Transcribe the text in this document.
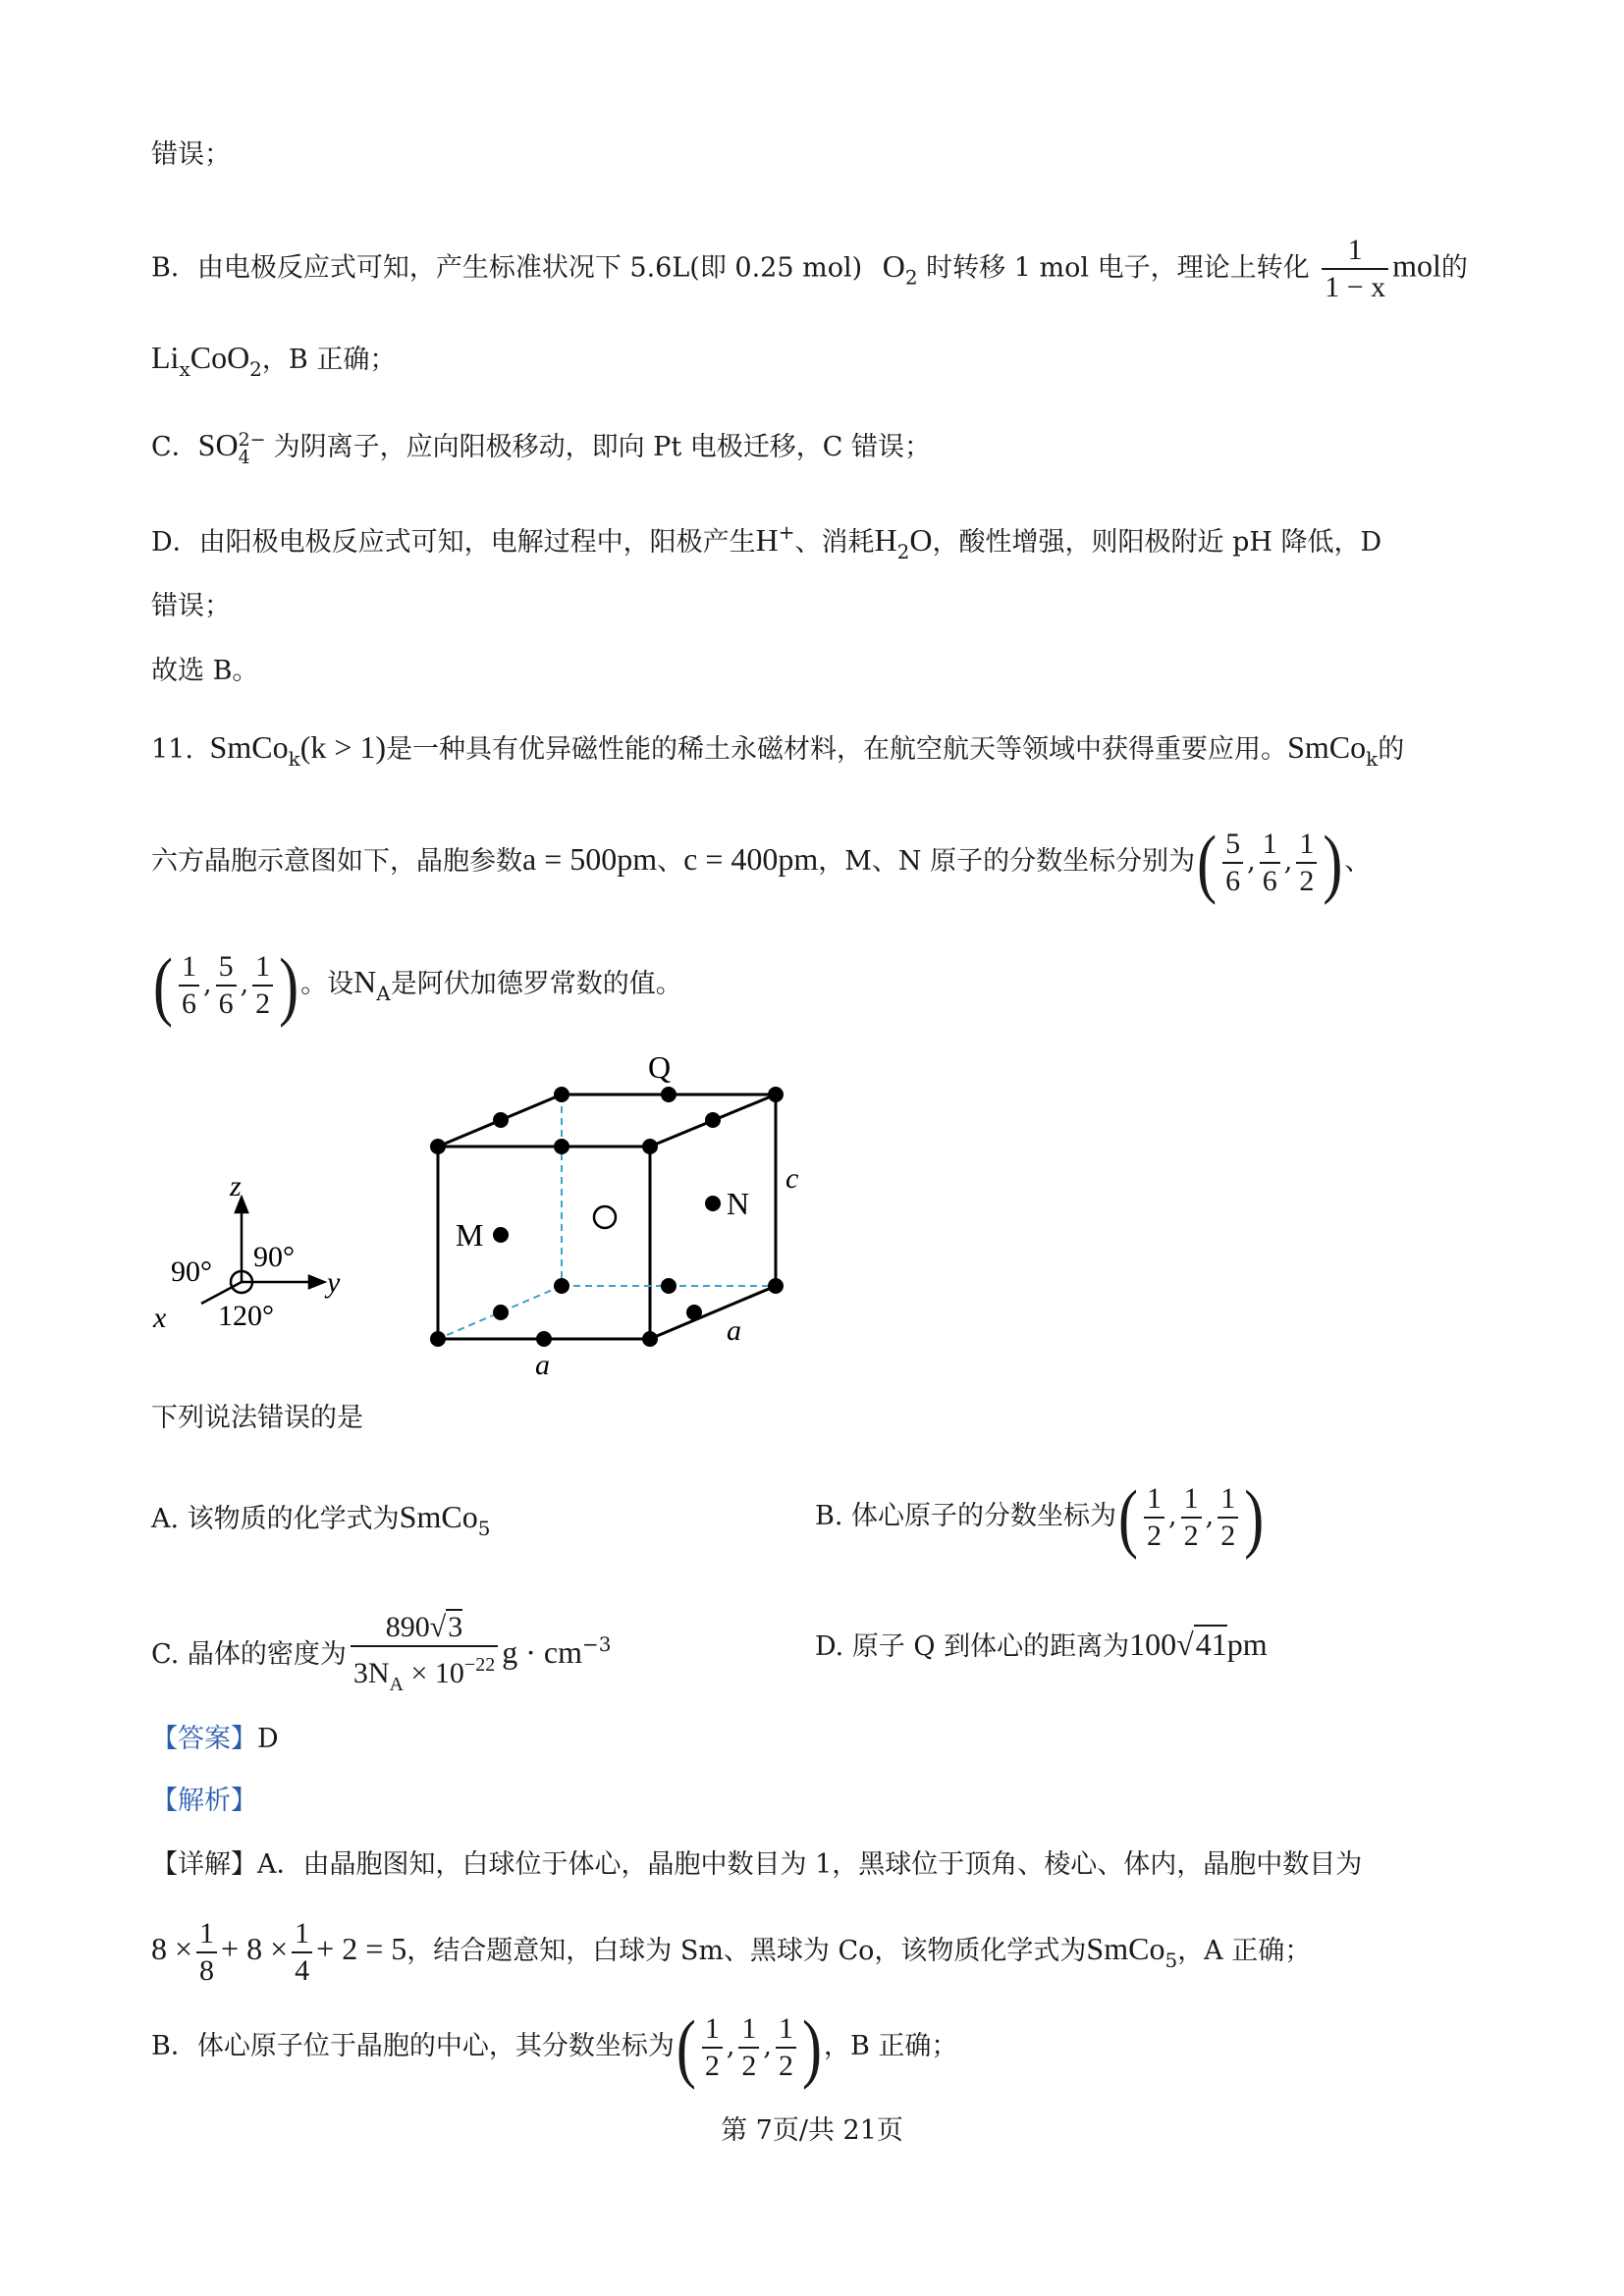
错误；
B．由电极反应式可知，产生标准状况下 5.6L(即 0.25 mol) $O_2$ 时转移 1 mol 电子，理论上转化 $\frac{1}{1 - x}$ mol的
$Li_xCoO_2$，B 正确；
C．SO 2−
4 为阴离子，应向阳极移动，即向 Pt 电极迁移，C 错误；
D．由阳极电极反应式可知，电解过程中，阳极产生H+、消耗$H_2O$，酸性增强，则阳极附近 pH 降低，D
错误；
故选 B。
11. SmCo$_k$(k > 1)是一种具有优异磁性能的稀土永磁材料，在航空航天等领域中获得重要应用。SmCo$_k$的
六方晶胞示意图如下，晶胞参数a = 500pm、c = 400pm，M、N 原子的分数坐标分别为( $\frac{5}{6}$ , $\frac{1}{6}$ , $\frac{1}{2}$ )、
( $\frac{1}{6}$ , $\frac{5}{6}$ , $\frac{1}{2}$ )。设$N_A$是阿伏加德罗常数的值。
z
y
x
90° 90°
120°
Q
N
M
c
a
a
下列说法错误的是
A. 该物质的化学式为SmCo$_5$	B. 体心原子的分数坐标为( $\frac{1}{2}$ , $\frac{1}{2}$ , $\frac{1}{2}$ )
C. 晶体的密度为 $\frac{890√3}{3N_A \times 10^{-22}}$ $g \cdot cm^{-3}$	D. 原子 Q 到体心的距离为100√41pm
【答案】D
【解析】
【详解】A．由晶胞图知，白球位于体心，晶胞中数目为 1，黑球位于顶角、棱心、体内，晶胞中数目为
$8 \times \frac{1}{8} + 8 \times \frac{1}{4} + 2 = 5$，结合题意知，白球为 Sm、黑球为 Co，该物质化学式为SmCo$_5$，A 正确；
B．体心原子位于晶胞的中心，其分数坐标为( $\frac{1}{2}$ , $\frac{1}{2}$ , $\frac{1}{2}$ )，B 正确；
第 7页/共 21页
